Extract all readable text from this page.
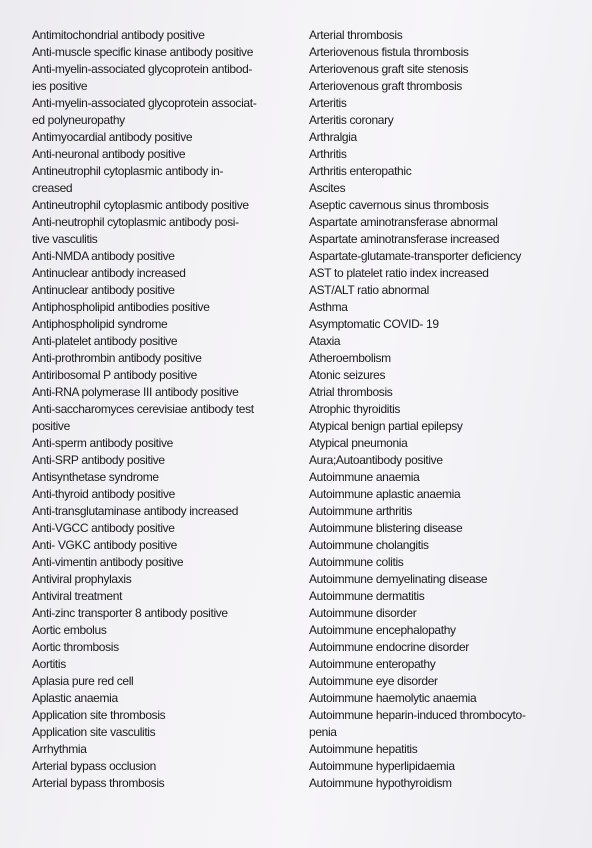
Antimitochondrial antibody positive
Anti-muscle specific kinase antibody positive
Anti-myelin-associated glycoprotein antibod-
ies positive
Anti-myelin-associated glycoprotein associat-
ed polyneuropathy
Antimyocardial antibody positive
Anti-neuronal antibody positive
Antineutrophil cytoplasmic antibody in-
creased
Antineutrophil cytoplasmic antibody positive
Anti-neutrophil cytoplasmic antibody posi-
tive vasculitis
Anti-NMDA antibody positive
Antinuclear antibody increased
Antinuclear antibody positive
Antiphospholipid antibodies positive
Antiphospholipid syndrome
Anti-platelet antibody positive
Anti-prothrombin antibody positive
Antiribosomal P antibody positive
Anti-RNA polymerase III antibody positive
Anti-saccharomyces cerevisiae antibody test
positive
Anti-sperm antibody positive
Anti-SRP antibody positive
Antisynthetase syndrome
Anti-thyroid antibody positive
Anti-transglutaminase antibody increased
Anti-VGCC antibody positive
Anti- VGKC antibody positive
Anti-vimentin antibody positive
Antiviral prophylaxis
Antiviral treatment
Anti-zinc transporter 8 antibody positive
Aortic embolus
Aortic thrombosis
Aortitis
Aplasia pure red cell
Aplastic anaemia
Application site thrombosis
Application site vasculitis
Arrhythmia
Arterial bypass occlusion
Arterial bypass thrombosis
Arterial thrombosis
Arteriovenous fistula thrombosis
Arteriovenous graft site stenosis
Arteriovenous graft thrombosis
Arteritis
Arteritis coronary
Arthralgia
Arthritis
Arthritis enteropathic
Ascites
Aseptic cavernous sinus thrombosis
Aspartate aminotransferase abnormal
Aspartate aminotransferase increased
Aspartate-glutamate-transporter deficiency
AST to platelet ratio index increased
AST/ALT ratio abnormal
Asthma
Asymptomatic COVID- 19
Ataxia
Atheroembolism
Atonic seizures
Atrial thrombosis
Atrophic thyroiditis
Atypical benign partial epilepsy
Atypical pneumonia
Aura;Autoantibody positive
Autoimmune anaemia
Autoimmune aplastic anaemia
Autoimmune arthritis
Autoimmune blistering disease
Autoimmune cholangitis
Autoimmune colitis
Autoimmune demyelinating disease
Autoimmune dermatitis
Autoimmune disorder
Autoimmune encephalopathy
Autoimmune endocrine disorder
Autoimmune enteropathy
Autoimmune eye disorder
Autoimmune haemolytic anaemia
Autoimmune heparin-induced thrombocyto-
penia
Autoimmune hepatitis
Autoimmune hyperlipidaemia
Autoimmune hypothyroidism
